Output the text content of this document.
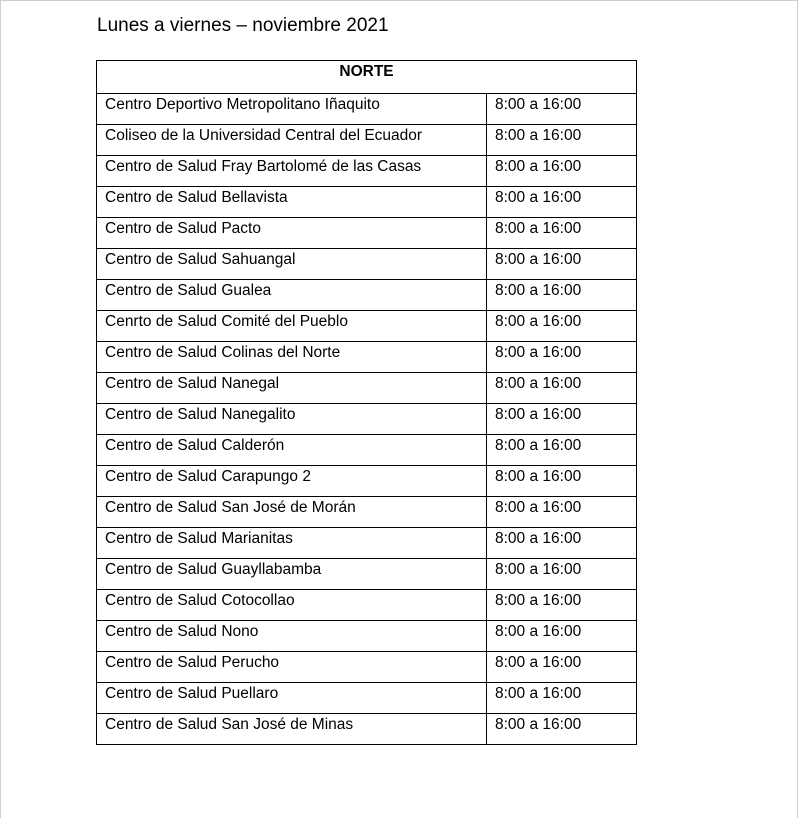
Lunes a viernes – noviembre 2021
NORTE	
Centro Deportivo Metropolitano Iñaquito	8:00 a 16:00
Coliseo de la Universidad Central del Ecuador	8:00 a 16:00
Centro de Salud Fray Bartolomé de las Casas	8:00 a 16:00
Centro de Salud Bellavista	8:00 a 16:00
Centro de Salud Pacto	8:00 a 16:00
Centro de Salud Sahuangal	8:00 a 16:00
Centro de Salud Gualea	8:00 a 16:00
Cenrto de Salud Comité del Pueblo	8:00 a 16:00
Centro de Salud Colinas del Norte	8:00 a 16:00
Centro de Salud Nanegal	8:00 a 16:00
Centro de Salud Nanegalito	8:00 a 16:00
Centro de Salud Calderón	8:00 a 16:00
Centro de Salud Carapungo 2	8:00 a 16:00
Centro de Salud San José de Morán	8:00 a 16:00
Centro de Salud Marianitas	8:00 a 16:00
Centro de Salud Guayllabamba	8:00 a 16:00
Centro de Salud Cotocollao	8:00 a 16:00
Centro de Salud Nono	8:00 a 16:00
Centro de Salud Perucho	8:00 a 16:00
Centro de Salud Puellaro	8:00 a 16:00
Centro de Salud San José de Minas	8:00 a 16:00
